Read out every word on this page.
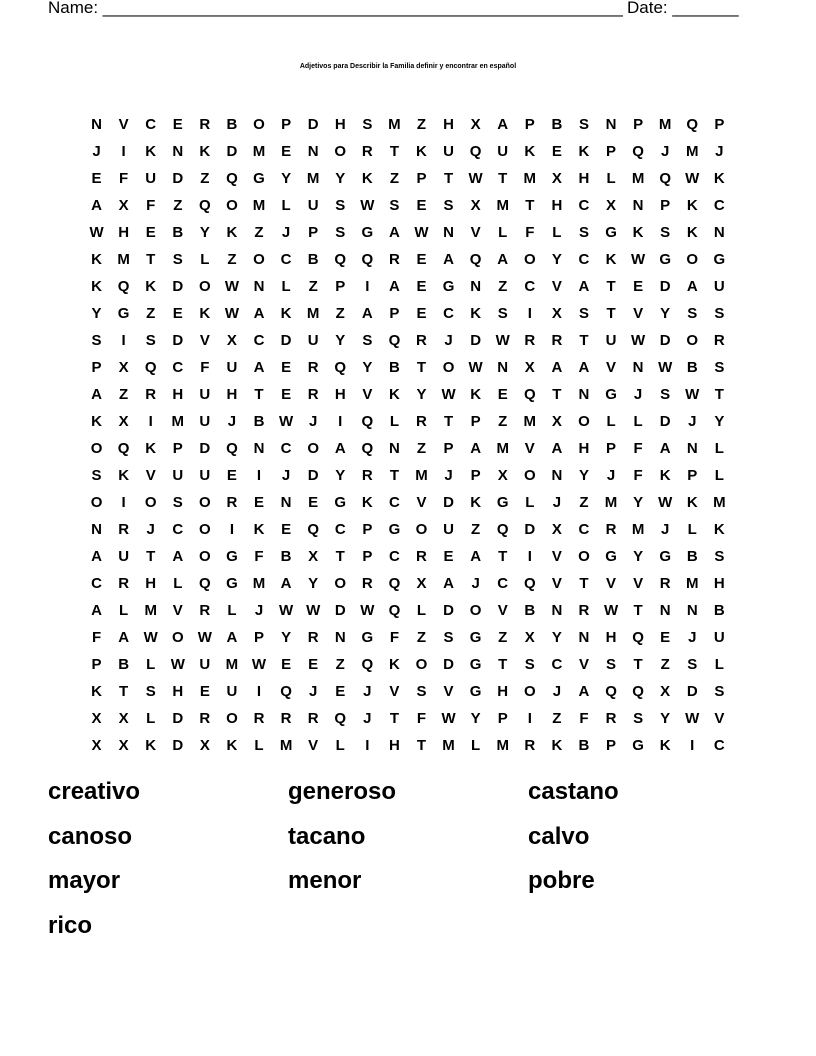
Name: _______________________________________________________ Date: _______
Adjetivos para Describir la Familia definir y encontrar en español
N	V	C	E	R	B	O	P	D	H	S	M	Z	H	X	A	P	B	S	N	P	M	Q	P
J	I	K	N	K	D	M	E	N	O	R	T	K	U	Q	U	K	E	K	P	Q	J	M	J
E	F	U	D	Z	Q	G	Y	M	Y	K	Z	P	T	W	T	M	X	H	L	M	Q W K
A	X	F	Z	Q	O M	L	U	S W S	E	S	X	M	T	H	C	X	N	P	K	C
W H	E	B	Y	K	Z	J	P	S	G	A W N	V	L	F	L	S	G	K	S	K	N
K	M	T	S	L	Z	O	C	B	Q	Q	R	E	A	Q	A	O	Y	C	K W G	O	G
K	Q	K	D	O W N	L	Z	P	I	A	E	G	N	Z	C	V	A	T	E	D	A	U
Y	G	Z	E	K W A	K	M	Z	A	P	E	C	K	S	I	X	S	T	V	Y	S	S
S	I	S	D	V	X	C	D	U	Y	S	Q	R	J	D W R	R	T	U W D	O	R
P	X	Q	C	F	U	A	E	R	Q	Y	B	T	O W N	X	A	A	V	N W B	S
A	Z	R	H	U	H	T	E	R	H	V	K	Y W K	E	Q	T	N	G	J	S W	T
K	X	I	M	U	J	B W	J	I	Q	L	R	T	P	Z	M	X	O	L	L	D	J	Y
O	Q	K	P	D	Q	N	C	O	A	Q	N	Z	P	A	M	V	A	H	P	F	A	N	L
S	K	V	U	U	E	I	J	D	Y	R	T	M	J	P	X	O	N	Y	J	F	K	P	L
O	I	O	S	O	R	E	N	E	G	K	C	V	D	K	G	L	J	Z	M	Y W K	M
N	R	J	C	O	I	K	E	Q	C	P	G	O	U	Z	Q	D	X	C	R	M	J	L	K
A	U	T	A	O	G	F	B	X	T	P	C	R	E	A	T	I	V	O	G	Y	G	B	S
C	R	H	L	Q	G M	A	Y	O	R	Q	X	A	J	C	Q	V	T	V	V	R	M	H
A	L	M	V	R	L	J	W W D W Q	L	D	O	V	B	N	R W	T	N	N	B
F	A W O W A	P	Y	R	N	G	F	Z	S	G	Z	X	Y	N	H	Q	E	J	U
P	B	L	W U	M W E	E	Z	Q	K	O	D	G	T	S	C	V	S	T	Z	S	L
K	T	S	H	E	U	I	Q	J	E	J	V	S	V	G	H	O	J	A	Q	Q	X	D	S
X	X	L	D	R	O	R	R	R	Q	J	T	F	W Y	P	I	Z	F	R	S	Y W V
X	X	K	D	X	K	L	M	V	L	I	H	T	M	L	M	R	K	B	P	G	K	I	C
creativo	generoso	castano
canoso	tacano	calvo
mayor	menor	pobre
rico
